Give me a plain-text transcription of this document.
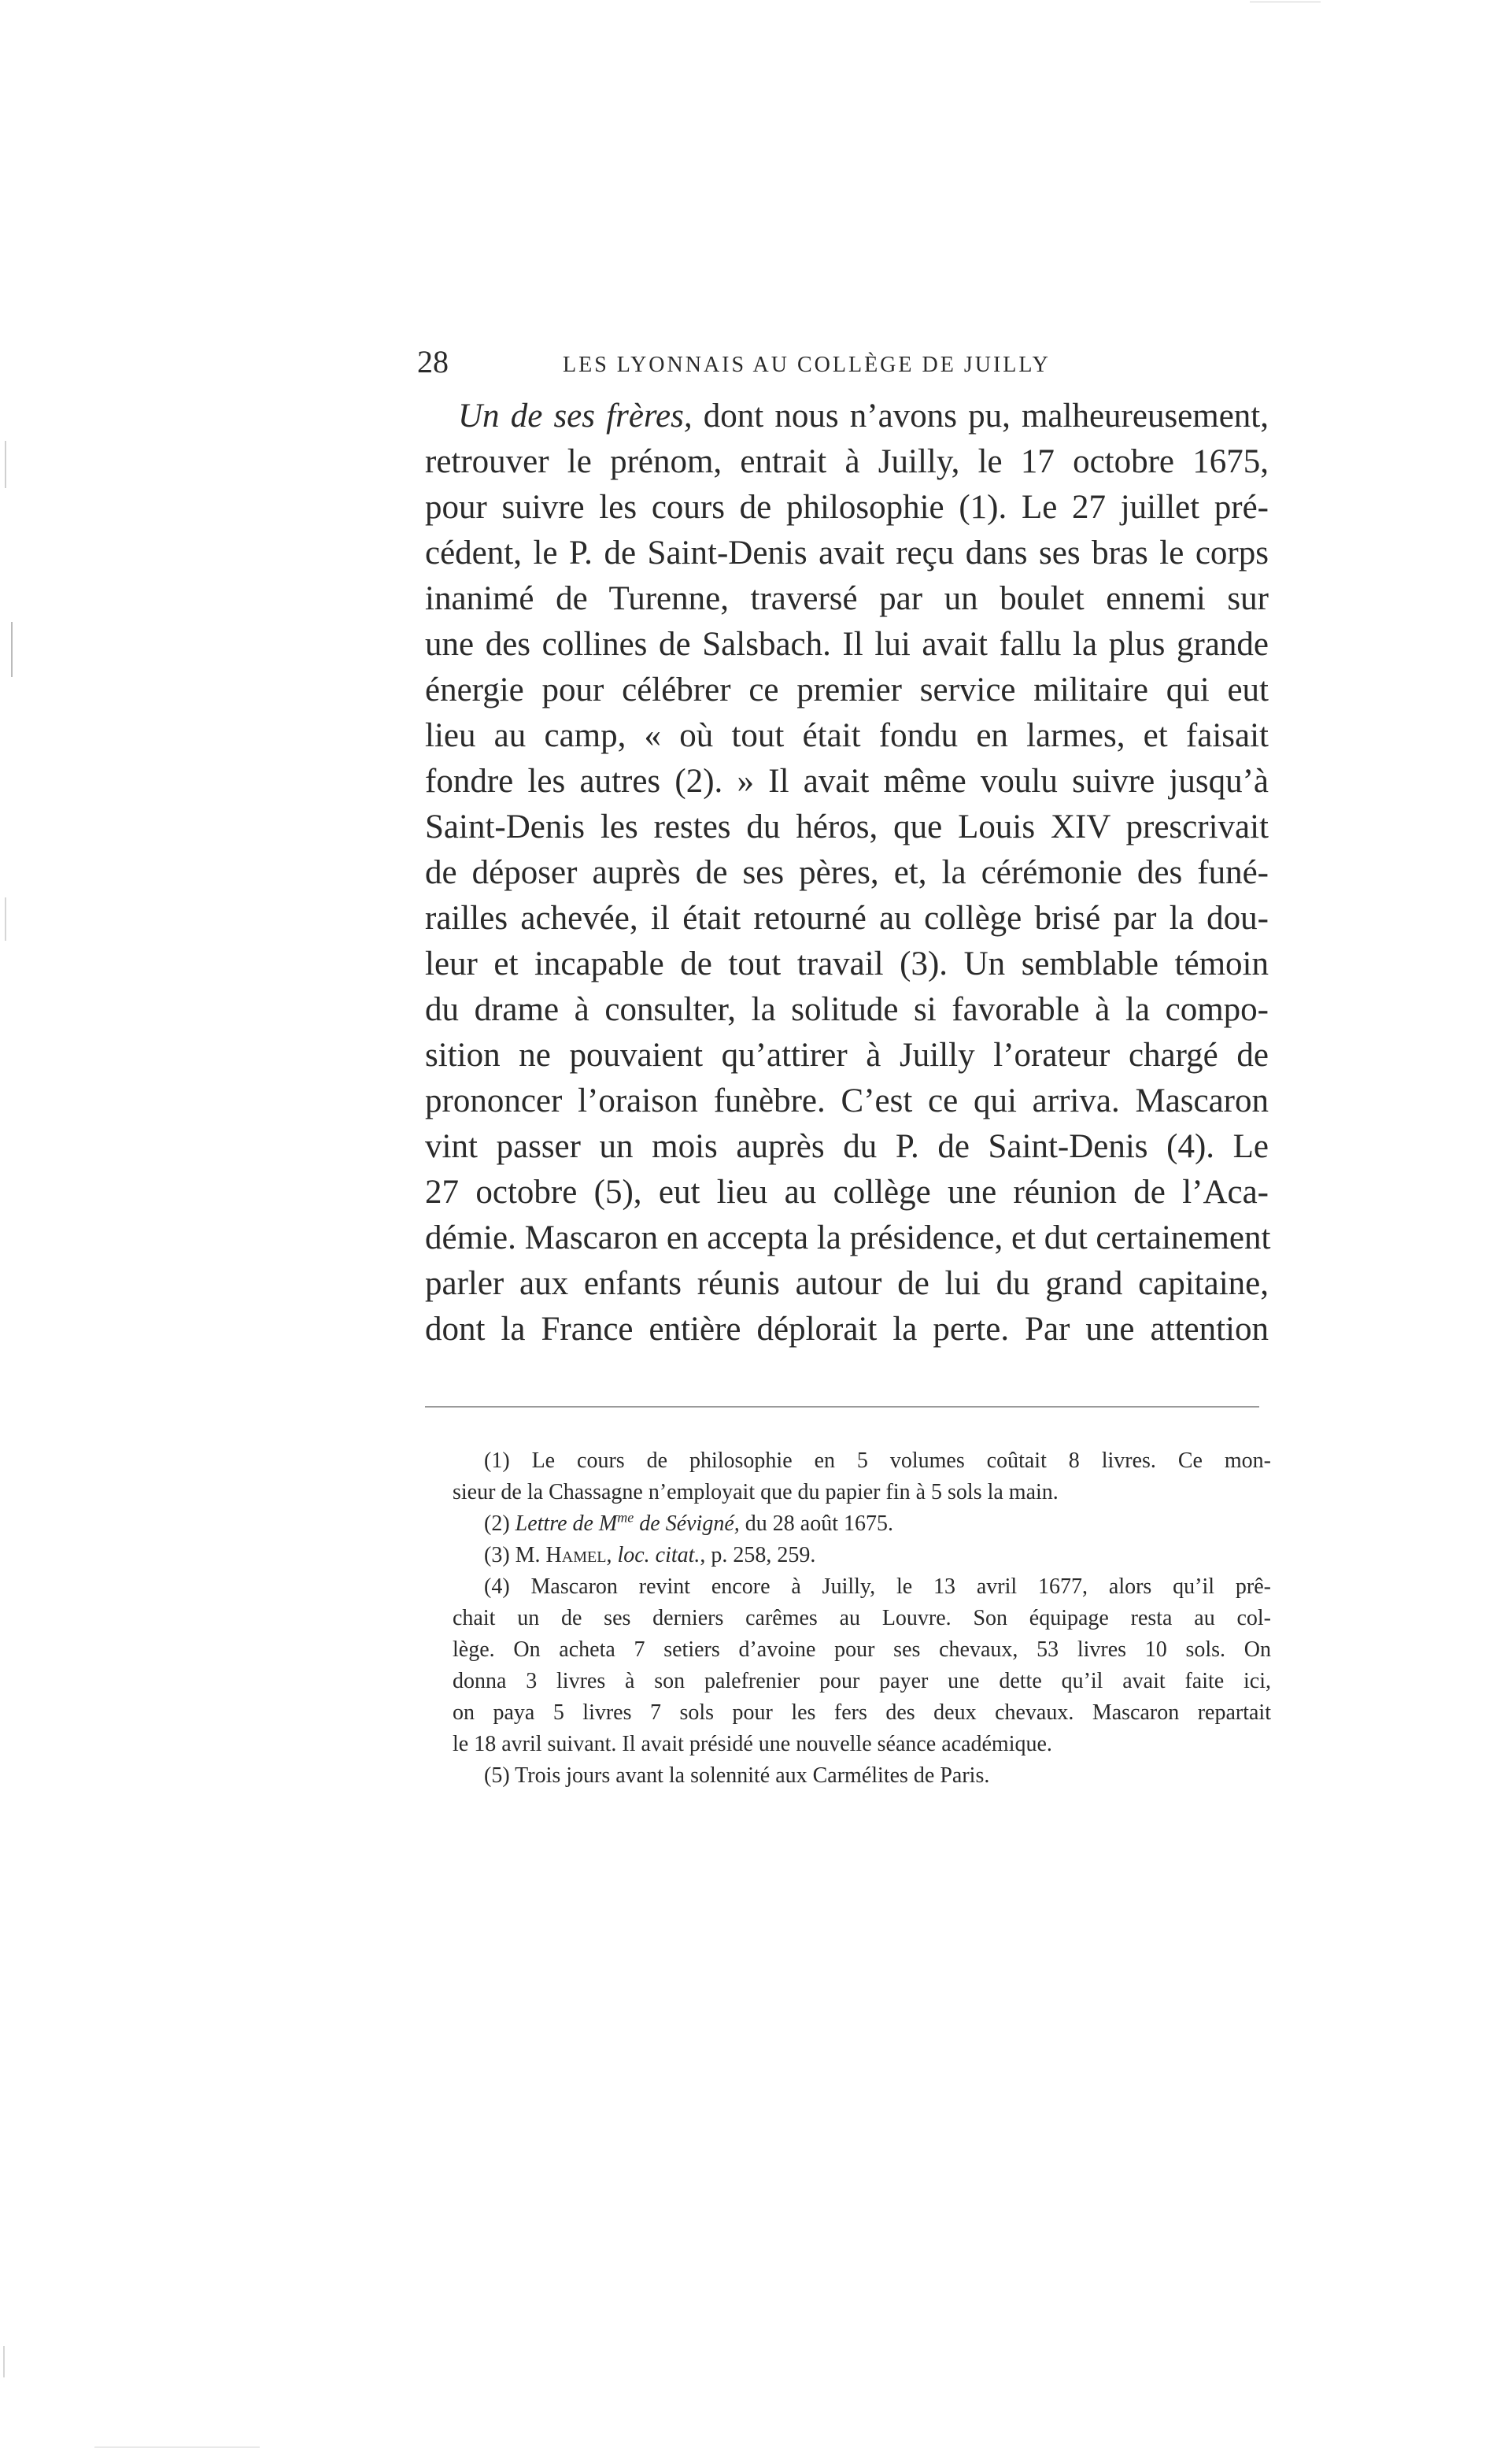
28	LES LYONNAIS AU COLLÈGE DE JUILLY
Un de ses frères, dont nous n’avons pu, malheureusement,
retrouver le prénom, entrait à Juilly, le 17 octobre 1675,
pour suivre les cours de philosophie (1). Le 27 juillet pré-
cédent, le P. de Saint-Denis avait reçu dans ses bras le corps
inanimé de Turenne, traversé par un boulet ennemi sur
une des collines de Salsbach. Il lui avait fallu la plus grande
énergie pour célébrer ce premier service militaire qui eut
lieu au camp, « où tout était fondu en larmes, et faisait
fondre les autres (2). » Il avait même voulu suivre jusqu’à
Saint-Denis les restes du héros, que Louis XIV prescrivait
de déposer auprès de ses pères, et, la cérémonie des funé-
railles achevée, il était retourné au collège brisé par la dou-
leur et incapable de tout travail (3). Un semblable témoin
du drame à consulter, la solitude si favorable à la compo-
sition ne pouvaient qu’attirer à Juilly l’orateur chargé de
prononcer l’oraison funèbre. C’est ce qui arriva. Mascaron
vint passer un mois auprès du P. de Saint-Denis (4). Le
27 octobre (5), eut lieu au collège une réunion de l’Aca-
démie. Mascaron en accepta la présidence, et dut certainement
parler aux enfants réunis autour de lui du grand capitaine,
dont la France entière déplorait la perte. Par une attention
(1) Le cours de philosophie en 5 volumes coûtait 8 livres. Ce mon-
sieur de la Chassagne n’employait que du papier fin à 5 sols la main.
(2) Lettre de $M^{me}$ de Sévigné, du 28 août 1675.
(3) M. Hamel, loc. citat., p. 258, 259.
(4) Mascaron revint encore à Juilly, le 13 avril 1677, alors qu’il prê-
chait un de ses derniers carêmes au Louvre. Son équipage resta au col-
lège. On acheta 7 setiers d’avoine pour ses chevaux, 53 livres 10 sols. On
donna 3 livres à son palefrenier pour payer une dette qu’il avait faite ici,
on paya 5 livres 7 sols pour les fers des deux chevaux. Mascaron repartait
le 18 avril suivant. Il avait présidé une nouvelle séance académique.
(5) Trois jours avant la solennité aux Carmélites de Paris.
